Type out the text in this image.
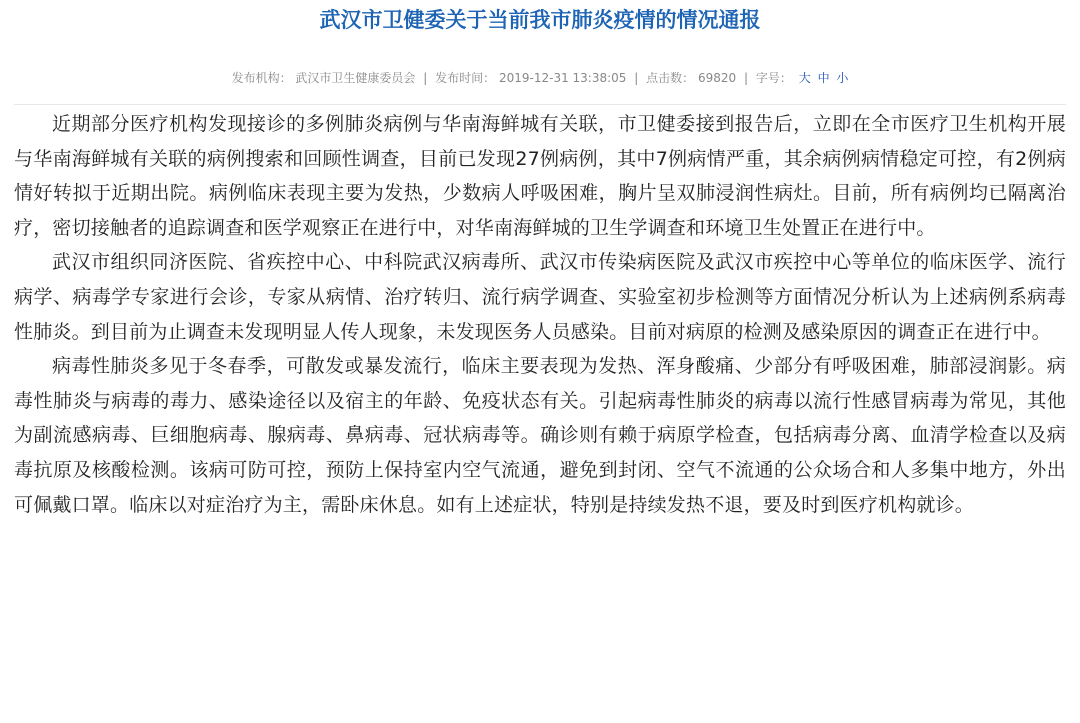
武汉市卫健委关于当前我市肺炎疫情的情况通报
发布机构： 武汉市卫生健康委员会 | 发布时间： 2019-12-31 13:38:05 | 点击数： 69820 | 字号： 大 中 小

近期部分医疗机构发现接诊的多例肺炎病例与华南海鲜城有关联，市卫健委接到报告后，立即在全市医疗卫生机构开展与华南海鲜城有关联的病例搜索和回顾性调查，目前已发现27例病例，其中7例病情严重，其余病例病情稳定可控，有2例病情好转拟于近期出院。病例临床表现主要为发热，少数病人呼吸困难，胸片呈双肺浸润性病灶。目前，所有病例均已隔离治疗，密切接触者的追踪调查和医学观察正在进行中，对华南海鲜城的卫生学调查和环境卫生处置正在进行中。

武汉市组织同济医院、省疾控中心、中科院武汉病毒所、武汉市传染病医院及武汉市疾控中心等单位的临床医学、流行病学、病毒学专家进行会诊，专家从病情、治疗转归、流行病学调查、实验室初步检测等方面情况分析认为上述病例系病毒性肺炎。到目前为止调查未发现明显人传人现象，未发现医务人员感染。目前对病原的检测及感染原因的调查正在进行中。

病毒性肺炎多见于冬春季，可散发或暴发流行，临床主要表现为发热、浑身酸痛、少部分有呼吸困难，肺部浸润影。病毒性肺炎与病毒的毒力、感染途径以及宿主的年龄、免疫状态有关。引起病毒性肺炎的病毒以流行性感冒病毒为常见，其他为副流感病毒、巨细胞病毒、腺病毒、鼻病毒、冠状病毒等。确诊则有赖于病原学检查，包括病毒分离、血清学检查以及病毒抗原及核酸检测。该病可防可控，预防上保持室内空气流通，避免到封闭、空气不流通的公众场合和人多集中地方，外出可佩戴口罩。临床以对症治疗为主，需卧床休息。如有上述症状，特别是持续发热不退，要及时到医疗机构就诊。
